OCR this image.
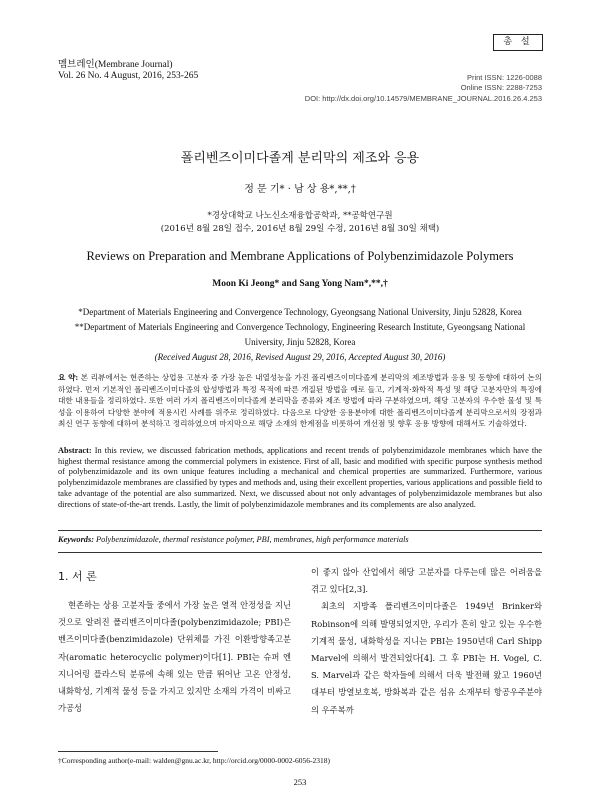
멤브레인(Membrane Journal)
Vol. 26 No. 4 August, 2016, 253-265
총 설
Print ISSN: 1226-0088
Online ISSN: 2288-7253
DOI: http://dx.doi.org/10.14579/MEMBRANE_JOURNAL.2016.26.4.253
폴리벤즈이미다졸계 분리막의 제조와 응용
정 문 기* · 남 상 용*,**,†
*경상대학교 나노신소재융합공학과, **공학연구원
(2016년 8월 28일 접수, 2016년 8월 29일 수정, 2016년 8월 30일 채택)
Reviews on Preparation and Membrane Applications of Polybenzimidazole Polymers
Moon Ki Jeong* and Sang Yong Nam*,**,†
*Department of Materials Engineering and Convergence Technology, Gyeongsang National University, Jinju 52828, Korea
**Department of Materials Engineering and Convergence Technology, Engineering Research Institute, Gyeongsang National University, Jinju 52828, Korea
(Received August 28, 2016, Revised August 29, 2016, Accepted August 30, 2016)
요 약: 본 리뷰에서는 현존하는 상업용 고분자 중 가장 높은 내열성능을 가진 폴리벤즈이미다졸계 분리막의 제조방법과 응용 및 동향에 대하여 논의하였다. 먼저 기본적인 폴리벤즈이미다졸의 합성방법과 특정 목적에 따른 개질된 방법을 예로 들고, 기계적·화학적 특성 및 해당 고분자만의 특징에 대한 내용들을 정리하였다. 또한 여러 가지 폴리벤즈이미다졸계 분리막을 종류와 제조 방법에 따라 구분하였으며, 해당 고분자의 우수한 물성 및 특성을 이용하여 다양한 분야에 적용시킨 사례를 위주로 정리하였다. 다음으로 다양한 응용분야에 대한 폴리벤즈이미다졸계 분리막으로서의 장점과 최신 연구 동향에 대하여 분석하고 정리하였으며 마지막으로 해당 소재의 한계점을 비롯하여 개선점 및 향후 응용 방향에 대해서도 기술하였다.
Abstract: In this review, we discussed fabrication methods, applications and recent trends of polybenzimidazole membranes which have the highest thermal resistance among the commercial polymers in existence. First of all, basic and modified with specific purpose synthesis method of polybenzimidazole and its own unique features including a mechanical and chemical properties are summarized. Furthermore, various polybenzimidazole membranes are classified by types and methods and, using their excellent properties, various applications and possible field to take advantage of the potential are also summarized. Next, we discussed about not only advantages of polybenzimidazole membranes but also directions of state-of-the-art trends. Lastly, the limit of polybenzimidazole membranes and its complements are also analyzed.
Keywords: Polybenzimidazole, thermal resistance polymer, PBI, membranes, high performance materials
1. 서 론
현존하는 상용 고분자들 중에서 가장 높은 열적 안정성을 지닌 것으로 알려진 폴리벤즈이미다졸(polybenzimidazole; PBI)은 벤즈이미다졸(benzimidazole) 단위체를 가진 이환방향족고분자(aromatic heterocyclic polymer)이다[1]. PBI는 슈퍼 엔지니어링 플라스틱 분류에 속해 있는 만큼 뛰어난 고온 안정성, 내화학성, 기계적 물성 등을 가지고 있지만 소재의 가격이 비싸고 가공성
이 좋지 않아 산업에서 해당 고분자를 다루는데 많은 어려움을 겪고 있다[2,3].
최초의 지방족 폴리벤즈이미다졸은 1949년 Brinker와 Robinson에 의해 발명되었지만, 우리가 흔히 알고 있는 우수한 기계적 물성, 내화학성을 지니는 PBI는 1950년대 Carl Shipp Marvel에 의해서 발견되었다[4]. 그 후 PBI는 H. Vogel, C. S. Marvel과 같은 학자들에 의해서 더욱 발전해 왔고 1960년대부터 방열보호복, 방화복과 같은 섬유 소재부터 항공우주분야의 우주복까
†Corresponding author(e-mail: walden@gnu.ac.kr, http://orcid.org/0000-0002-6056-2318)
253
